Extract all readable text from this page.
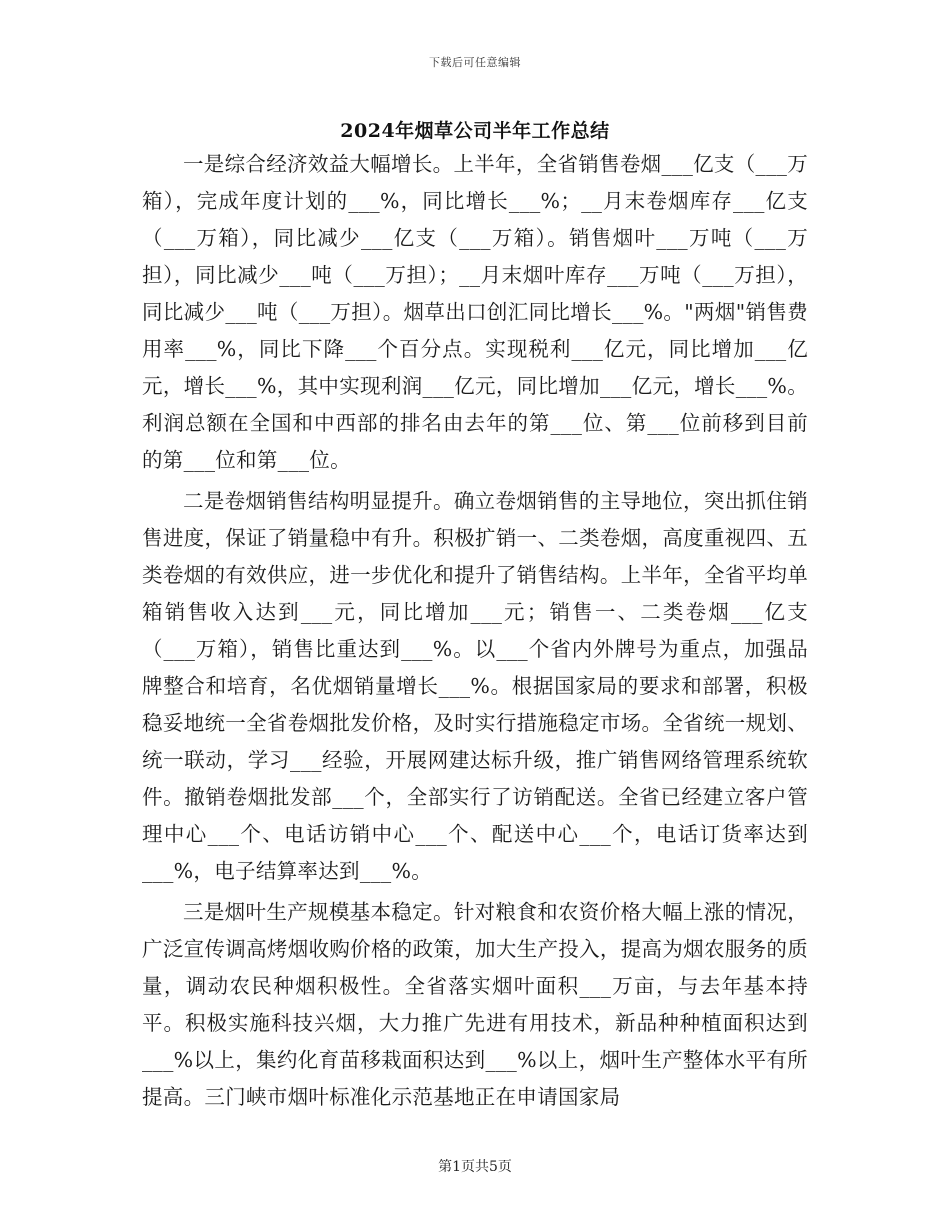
下载后可任意编辑
2024年烟草公司半年工作总结

一是综合经济效益大幅增长。上半年，全省销售卷烟___亿支（___万箱），完成年度计划的___%，同比增长___%；__月末卷烟库存___亿支（___万箱），同比减少___亿支（___万箱）。销售烟叶___万吨（___万担），同比减少___吨（___万担）；__月末烟叶库存___万吨（___万担），同比减少___吨（___万担）。烟草出口创汇同比增长___%。"两烟"销售费用率___%，同比下降___个百分点。实现税利___亿元，同比增加___亿元，增长___%，其中实现利润___亿元，同比增加___亿元，增长___%。利润总额在全国和中西部的排名由去年的第___位、第___位前移到目前的第___位和第___位。

二是卷烟销售结构明显提升。确立卷烟销售的主导地位，突出抓住销售进度，保证了销量稳中有升。积极扩销一、二类卷烟，高度重视四、五类卷烟的有效供应，进一步优化和提升了销售结构。上半年，全省平均单箱销售收入达到___元，同比增加___元；销售一、二类卷烟___亿支（___万箱），销售比重达到___%。以___个省内外牌号为重点，加强品牌整合和培育，名优烟销量增长___%。根据国家局的要求和部署，积极稳妥地统一全省卷烟批发价格，及时实行措施稳定市场。全省统一规划、统一联动，学习___经验，开展网建达标升级，推广销售网络管理系统软件。撤销卷烟批发部___个，全部实行了访销配送。全省已经建立客户管理中心___个、电话访销中心___个、配送中心___个，电话订货率达到___%，电子结算率达到___%。

三是烟叶生产规模基本稳定。针对粮食和农资价格大幅上涨的情况，广泛宣传调高烤烟收购价格的政策，加大生产投入，提高为烟农服务的质量，调动农民种烟积极性。全省落实烟叶面积___万亩，与去年基本持平。积极实施科技兴烟，大力推广先进有用技术，新品种种植面积达到___%以上，集约化育苗移栽面积达到___%以上，烟叶生产整体水平有所提高。三门峡市烟叶标准化示范基地正在申请国家局

第1页共5页
